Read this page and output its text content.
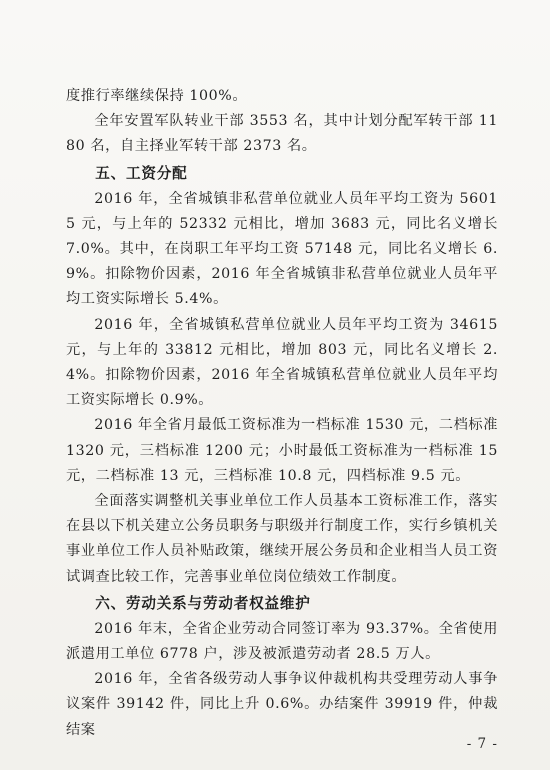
度推行率继续保持 100%。

全年安置军队转业干部 3553 名，其中计划分配军转干部 1180 名，自主择业军转干部 2373 名。

五、工资分配

2016 年，全省城镇非私营单位就业人员年平均工资为 56015 元，与上年的 52332 元相比，增加 3683 元，同比名义增长 7.0%。其中，在岗职工年平均工资 57148 元，同比名义增长 6.9%。扣除物价因素，2016 年全省城镇非私营单位就业人员年平均工资实际增长 5.4%。

2016 年，全省城镇私营单位就业人员年平均工资为 34615 元，与上年的 33812 元相比，增加 803 元，同比名义增长 2.4%。扣除物价因素，2016 年全省城镇私营单位就业人员年平均工资实际增长 0.9%。

2016 年全省月最低工资标准为一档标准 1530 元，二档标准 1320 元，三档标准 1200 元；小时最低工资标准为一档标准 15 元，二档标准 13 元，三档标准 10.8 元，四档标准 9.5 元。

全面落实调整机关事业单位工作人员基本工资标准工作，落实在县以下机关建立公务员职务与职级并行制度工作，实行乡镇机关事业单位工作人员补贴政策，继续开展公务员和企业相当人员工资试调查比较工作，完善事业单位岗位绩效工作制度。

六、劳动关系与劳动者权益维护

2016 年末，全省企业劳动合同签订率为 93.37%。全省使用派遣用工单位 6778 户，涉及被派遣劳动者 28.5 万人。

2016 年，全省各级劳动人事争议仲裁机构共受理劳动人事争议案件 39142 件，同比上升 0.6%。办结案件 39919 件，仲裁结案

- 7 -
